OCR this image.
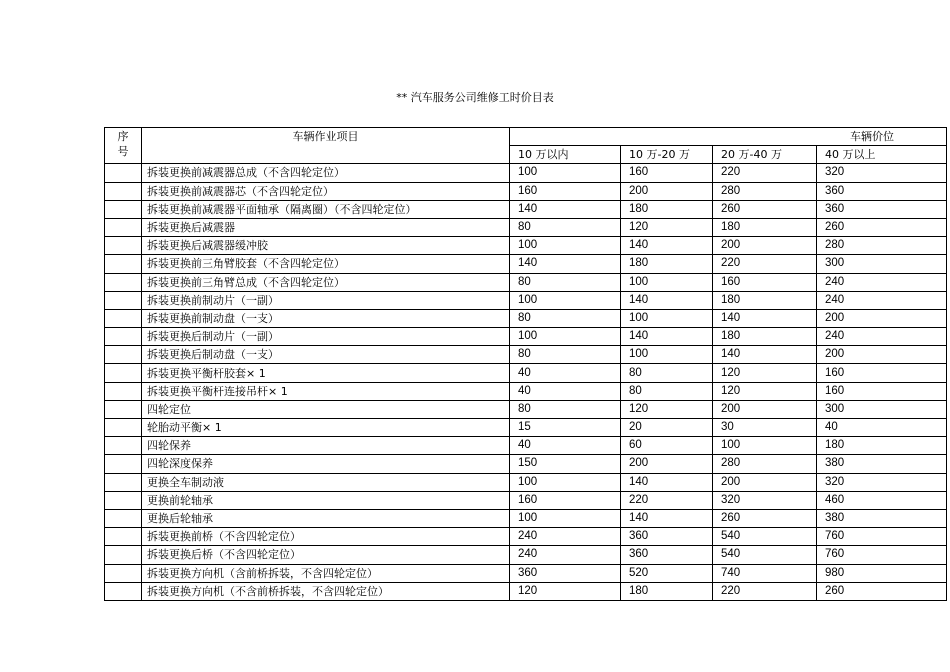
** 汽车服务公司维修工时价目表
序
号	车辆作业项目	车辆价位			
		10 万以内	10 万-20 万	20 万-40 万	40 万以上
	拆装更换前减震器总成（不含四轮定位）	100	160	220	320
	拆装更换前减震器芯（不含四轮定位）	160	200	280	360
	拆装更换前减震器平面轴承（隔离圈）（不含四轮定位）	140	180	260	360
	拆装更换后减震器	80	120	180	260
	拆装更换后减震器缓冲胶	100	140	200	280
	拆装更换前三角臂胶套（不含四轮定位）	140	180	220	300
	拆装更换前三角臂总成（不含四轮定位）	80	100	160	240
	拆装更换前制动片（一副）	100	140	180	240
	拆装更换前制动盘（一支）	80	100	140	200
	拆装更换后制动片（一副）	100	140	180	240
	拆装更换后制动盘（一支）	80	100	140	200
	拆装更换平衡杆胶套× 1	40	80	120	160
	拆装更换平衡杆连接吊杆× 1	40	80	120	160
	四轮定位	80	120	200	300
	轮胎动平衡× 1	15	20	30	40
	四轮保养	40	60	100	180
	四轮深度保养	150	200	280	380
	更换全车制动液	100	140	200	320
	更换前轮轴承	160	220	320	460
	更换后轮轴承	100	140	260	380
	拆装更换前桥（不含四轮定位）	240	360	540	760
	拆装更换后桥（不含四轮定位）	240	360	540	760
	拆装更换方向机（含前桥拆装，不含四轮定位）	360	520	740	980
	拆装更换方向机（不含前桥拆装，不含四轮定位）	120	180	220	260
